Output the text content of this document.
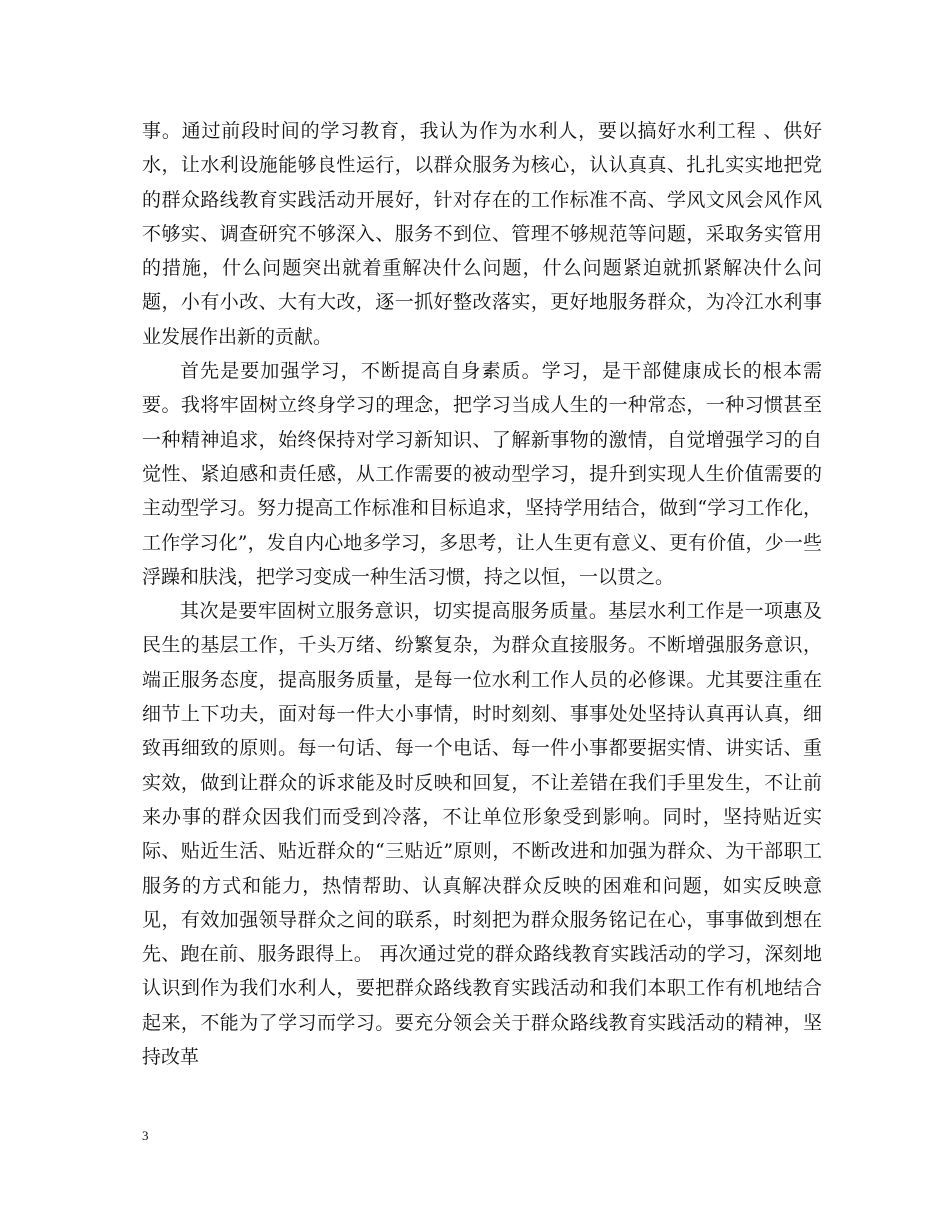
事。通过前段时间的学习教育，我认为作为水利人，要以搞好水利工程 、供好水，让水利设施能够良性运行，以群众服务为核心，认认真真、扎扎实实地把党的群众路线教育实践活动开展好，针对存在的工作标准不高、学风文风会风作风不够实、调查研究不够深入、服务不到位、管理不够规范等问题，采取务实管用的措施，什么问题突出就着重解决什么问题，什么问题紧迫就抓紧解决什么问题，小有小改、大有大改，逐一抓好整改落实，更好地服务群众，为冷江水利事业发展作出新的贡献。

首先是要加强学习，不断提高自身素质。学习，是干部健康成长的根本需要。我将牢固树立终身学习的理念，把学习当成人生的一种常态，一种习惯甚至一种精神追求，始终保持对学习新知识、了解新事物的激情，自觉增强学习的自觉性、紧迫感和责任感，从工作需要的被动型学习，提升到实现人生价值需要的主动型学习。努力提高工作标准和目标追求，坚持学用结合，做到“学习工作化，工作学习化”，发自内心地多学习，多思考，让人生更有意义、更有价值，少一些浮躁和肤浅，把学习变成一种生活习惯，持之以恒，一以贯之。

其次是要牢固树立服务意识，切实提高服务质量。基层水利工作是一项惠及民生的基层工作，千头万绪、纷繁复杂，为群众直接服务。不断增强服务意识，端正服务态度，提高服务质量，是每一位水利工作人员的必修课。尤其要注重在细节上下功夫，面对每一件大小事情，时时刻刻、事事处处坚持认真再认真，细致再细致的原则。每一句话、每一个电话、每一件小事都要据实情、讲实话、重实效，做到让群众的诉求能及时反映和回复，不让差错在我们手里发生，不让前来办事的群众因我们而受到冷落，不让单位形象受到影响。同时，坚持贴近实际、贴近生活、贴近群众的“三贴近”原则，不断改进和加强为群众、为干部职工服务的方式和能力，热情帮助、认真解决群众反映的困难和问题，如实反映意见，有效加强领导群众之间的联系，时刻把为群众服务铭记在心，事事做到想在先、跑在前、服务跟得上。 再次通过党的群众路线教育实践活动的学习，深刻地认识到作为我们水利人，要把群众路线教育实践活动和我们本职工作有机地结合起来，不能为了学习而学习。要充分领会关于群众路线教育实践活动的精神，坚持改革

3
